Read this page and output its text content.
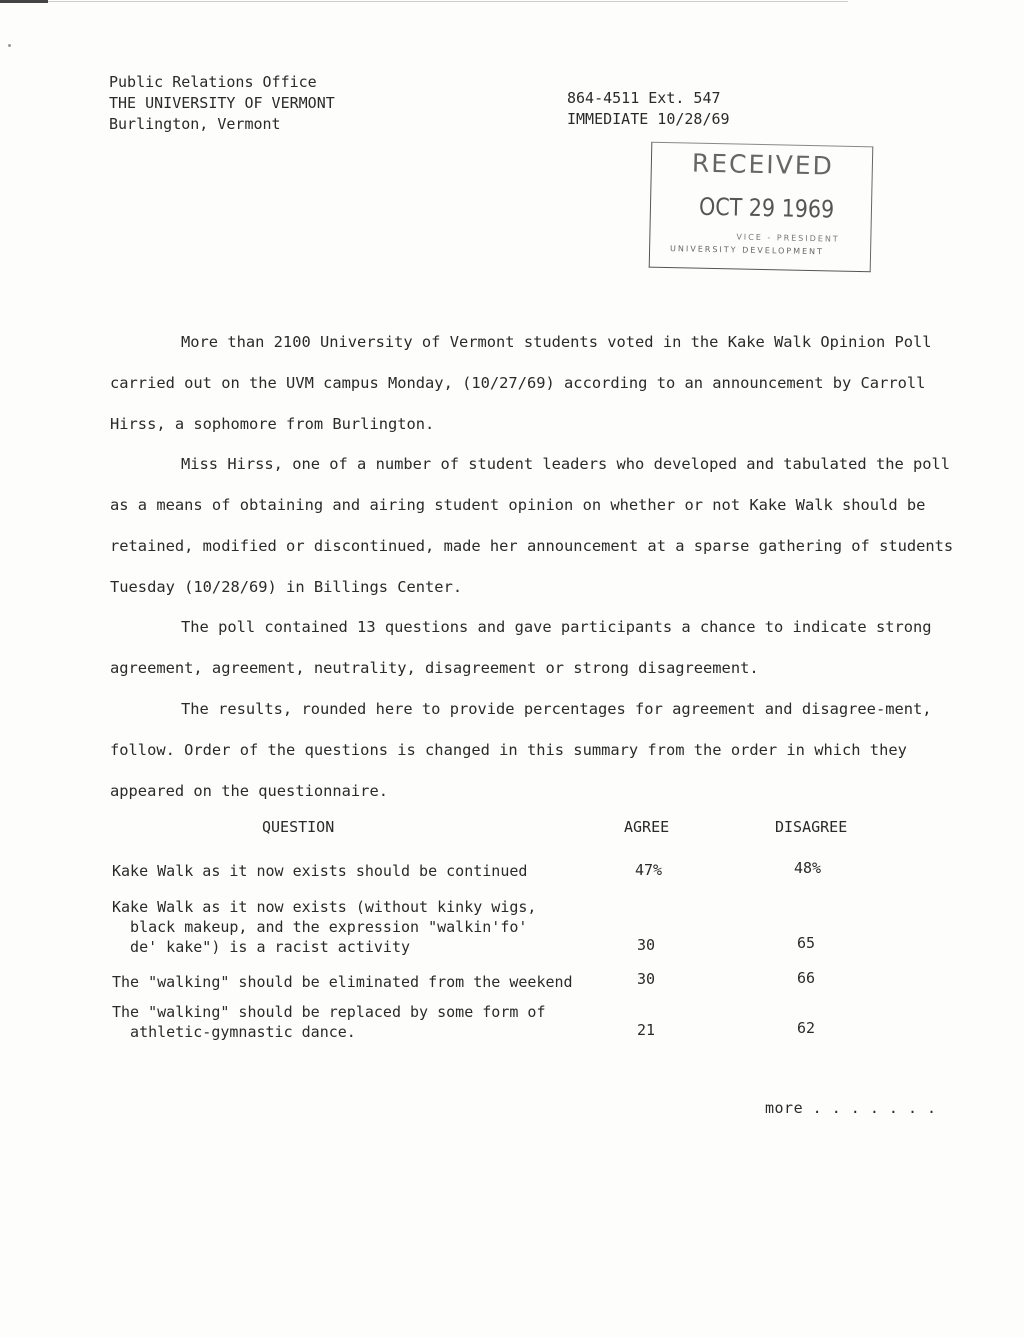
Public Relations Office
THE UNIVERSITY OF VERMONT
Burlington, Vermont
864-4511 Ext. 547
IMMEDIATE 10/28/69
RECEIVED
OCT 29 1969
VICE - PRESIDENT
UNIVERSITY DEVELOPMENT

More than 2100 University of Vermont students voted in the Kake Walk Opinion Poll carried out on the UVM campus Monday, (10/27/69) according to an announcement by Carroll Hirss, a sophomore from Burlington.

Miss Hirss, one of a number of student leaders who developed and tabulated the poll as a means of obtaining and airing student opinion on whether or not Kake Walk should be retained, modified or discontinued, made her announcement at a sparse gathering of students Tuesday (10/28/69) in Billings Center.

The poll contained 13 questions and gave participants a chance to indicate strong agreement, agreement, neutrality, disagreement or strong disagreement.

The results, rounded here to provide percentages for agreement and disagree-ment, follow. Order of the questions is changed in this summary from the order in which they appeared on the questionnaire.

QUESTION	AGREE	DISAGREE
Kake Walk as it now exists should be continued	47%	48%
Kake Walk as it now exists (without kinky wigs,
black makeup, and the expression "walkin'fo'
de' kake") is a racist activity	30	65
The "walking" should be eliminated from the weekend	30	66
The "walking" should be replaced by some form of
athletic-gymnastic dance.	21	62
more . . . . . . .
